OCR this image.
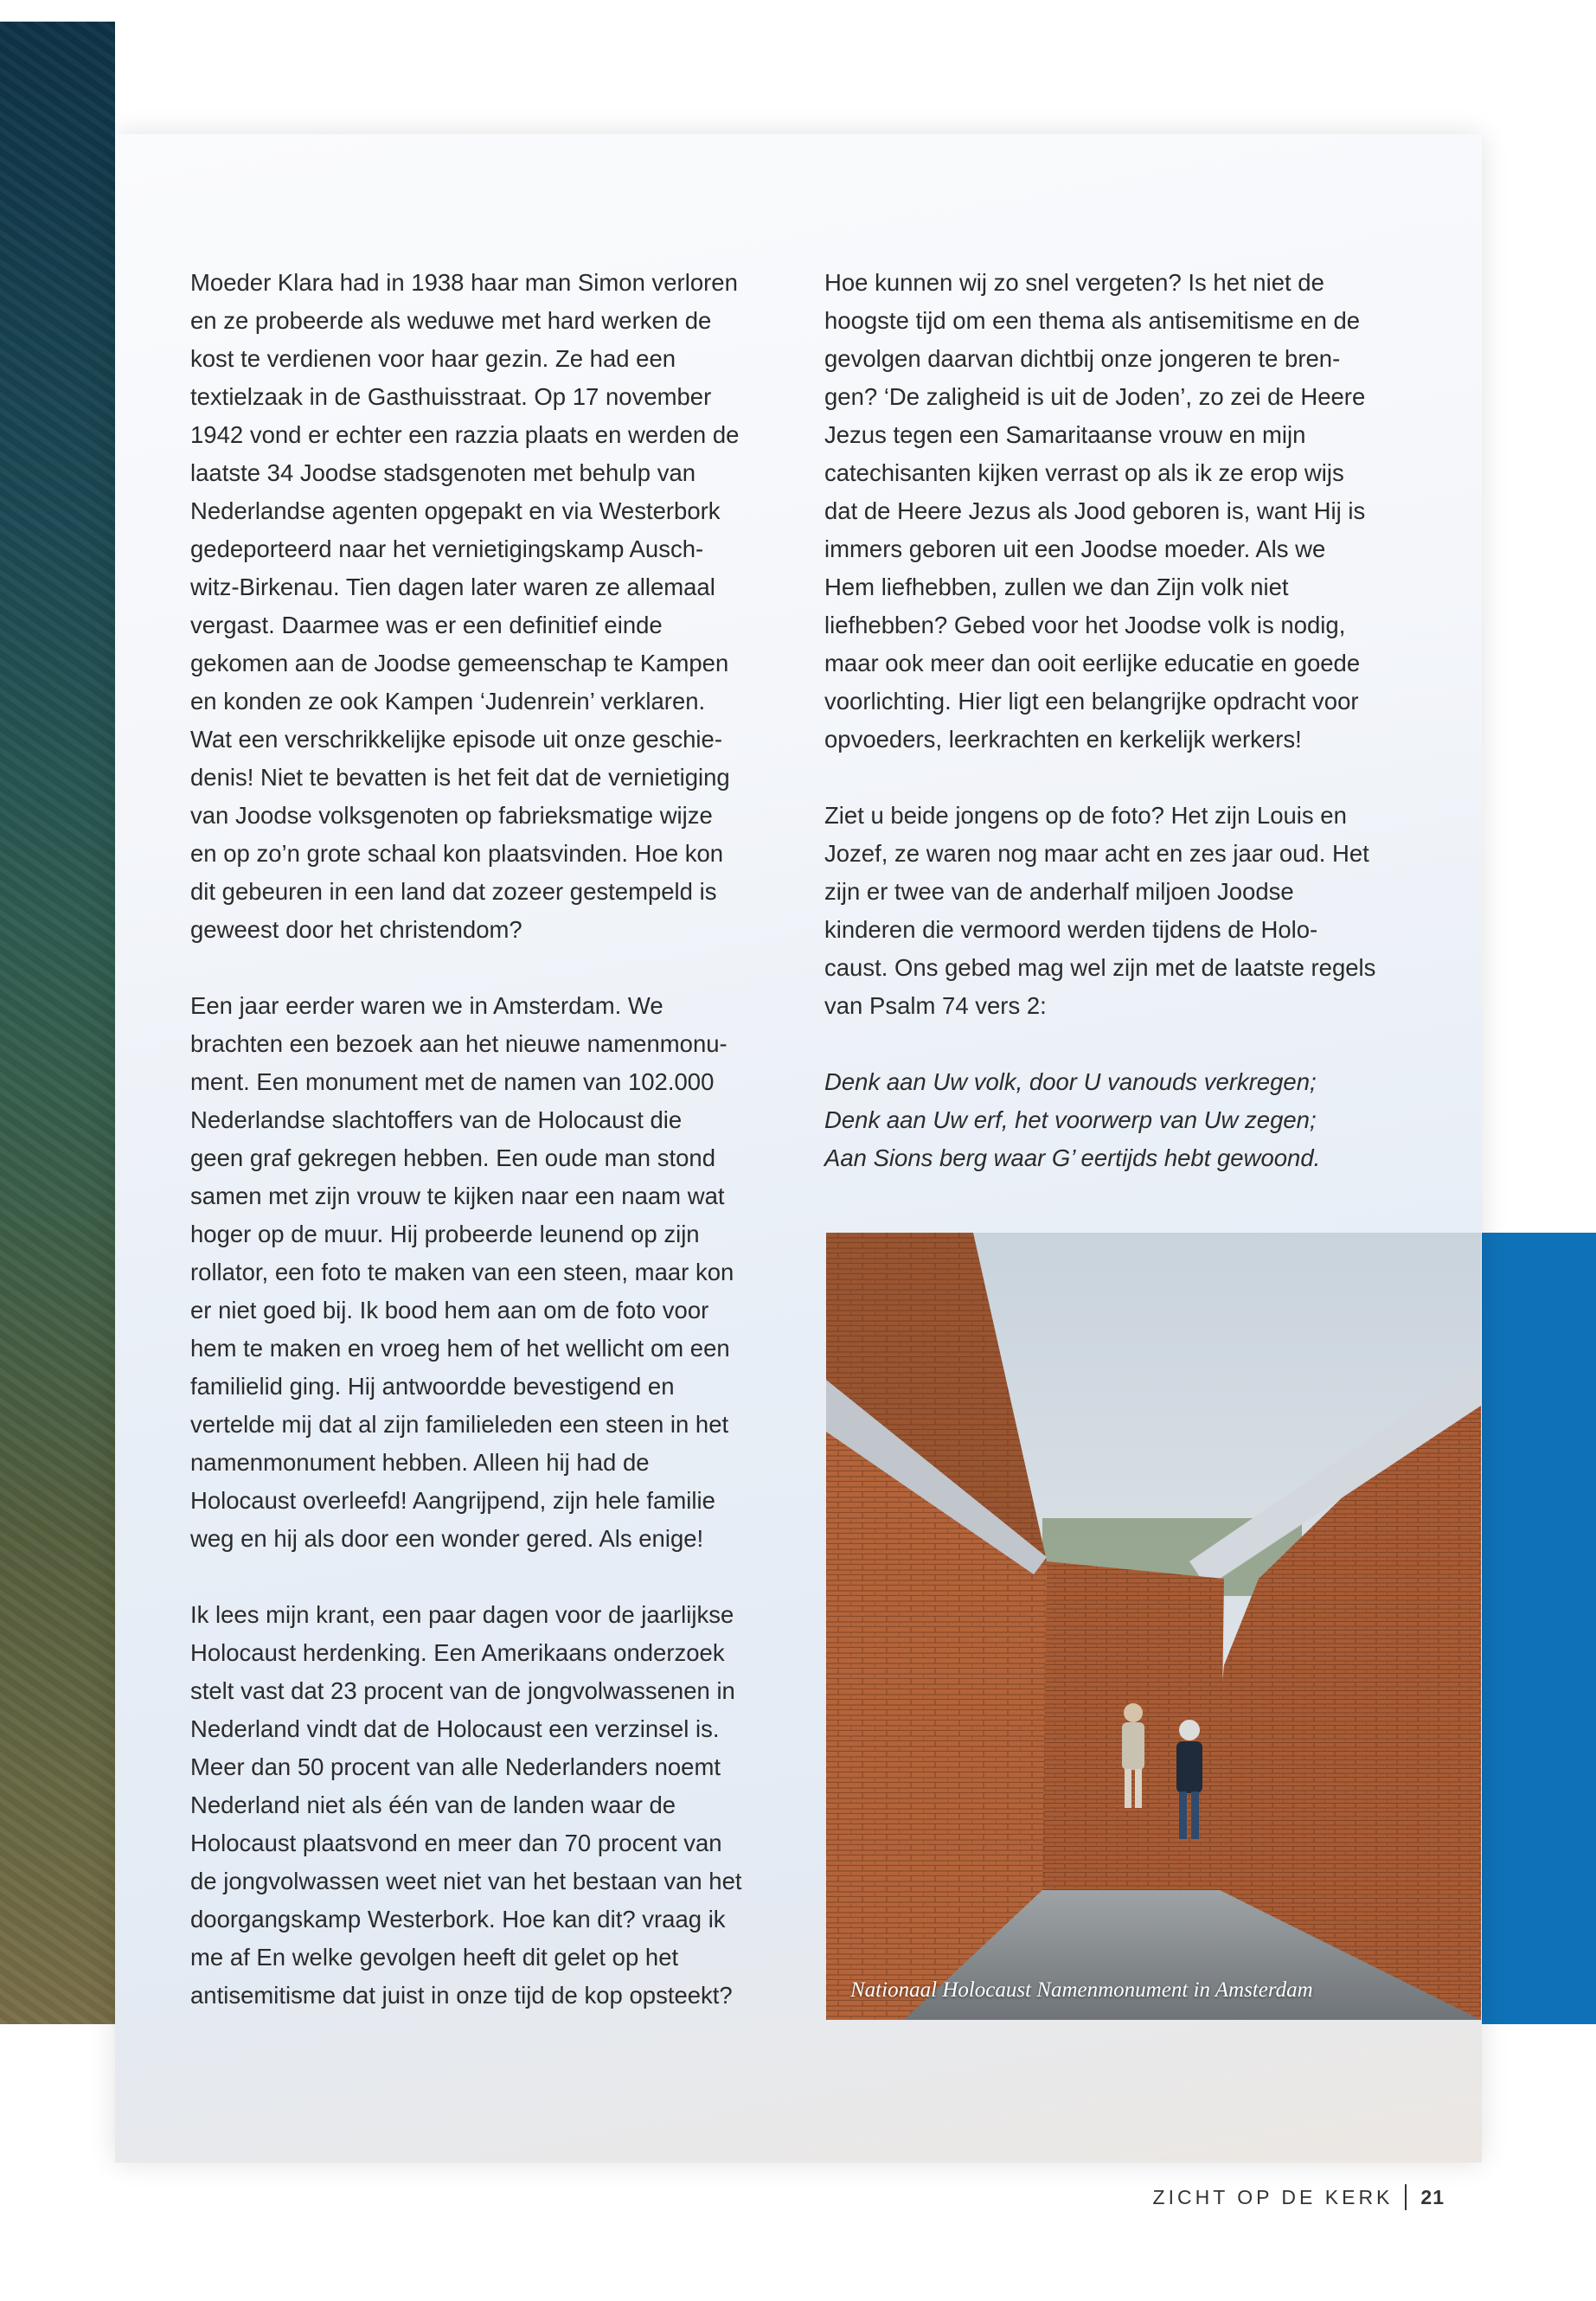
Moeder Klara had in 1938 haar man Simon verloren
en ze probeerde als weduwe met hard werken de
kost te verdienen voor haar gezin. Ze had een
textielzaak in de Gasthuisstraat. Op 17 november
1942 vond er echter een razzia plaats en werden de
laatste 34 Joodse stadsgenoten met behulp van
Nederlandse agenten opgepakt en via Westerbork
gedeporteerd naar het vernietigingskamp Ausch-
witz-Birkenau. Tien dagen later waren ze allemaal
vergast. Daarmee was er een definitief einde
gekomen aan de Joodse gemeenschap te Kampen
en konden ze ook Kampen ‘Judenrein’ verklaren.
Wat een verschrikkelijke episode uit onze geschie-
denis! Niet te bevatten is het feit dat de vernietiging
van Joodse volksgenoten op fabrieksmatige wijze
en op zo’n grote schaal kon plaatsvinden. Hoe kon
dit gebeuren in een land dat zozeer gestempeld is
geweest door het christendom?

Een jaar eerder waren we in Amsterdam. We
brachten een bezoek aan het nieuwe namenmonu-
ment. Een monument met de namen van 102.000
Nederlandse slachtoffers van de Holocaust die
geen graf gekregen hebben. Een oude man stond
samen met zijn vrouw te kijken naar een naam wat
hoger op de muur. Hij probeerde leunend op zijn
rollator, een foto te maken van een steen, maar kon
er niet goed bij. Ik bood hem aan om de foto voor
hem te maken en vroeg hem of het wellicht om een
familielid ging. Hij antwoordde bevestigend en
vertelde mij dat al zijn familieleden een steen in het
namenmonument hebben. Alleen hij had de
Holocaust overleefd! Aangrijpend, zijn hele familie
weg en hij als door een wonder gered. Als enige!

Ik lees mijn krant, een paar dagen voor de jaarlijkse
Holocaust herdenking. Een Amerikaans onderzoek
stelt vast dat 23 procent van de jongvolwassenen in
Nederland vindt dat de Holocaust een verzinsel is.
Meer dan 50 procent van alle Nederlanders noemt
Nederland niet als één van de landen waar de
Holocaust plaatsvond en meer dan 70 procent van
de jongvolwassen weet niet van het bestaan van het
doorgangskamp Westerbork. Hoe kan dit? vraag ik
me af En welke gevolgen heeft dit gelet op het
antisemitisme dat juist in onze tijd de kop opsteekt?

Hoe kunnen wij zo snel vergeten? Is het niet de
hoogste tijd om een thema als antisemitisme en de
gevolgen daarvan dichtbij onze jongeren te bren-
gen? ‘De zaligheid is uit de Joden’, zo zei de Heere
Jezus tegen een Samaritaanse vrouw en mijn
catechisanten kijken verrast op als ik ze erop wijs
dat de Heere Jezus als Jood geboren is, want Hij is
immers geboren uit een Joodse moeder. Als we
Hem liefhebben, zullen we dan Zijn volk niet
liefhebben? Gebed voor het Joodse volk is nodig,
maar ook meer dan ooit eerlijke educatie en goede
voorlichting. Hier ligt een belangrijke opdracht voor
opvoeders, leerkrachten en kerkelijk werkers!

Ziet u beide jongens op de foto? Het zijn Louis en
Jozef, ze waren nog maar acht en zes jaar oud. Het
zijn er twee van de anderhalf miljoen Joodse
kinderen die vermoord werden tijdens de Holo-
caust. Ons gebed mag wel zijn met de laatste regels
van Psalm 74 vers 2:

Denk aan Uw volk, door U vanouds verkregen;
Denk aan Uw erf, het voorwerp van Uw zegen;
Aan Sions berg waar G’ eertijds hebt gewoond.

Nationaal Holocaust Namenmonument in Amsterdam
ZICHT OP DE KERK 21
